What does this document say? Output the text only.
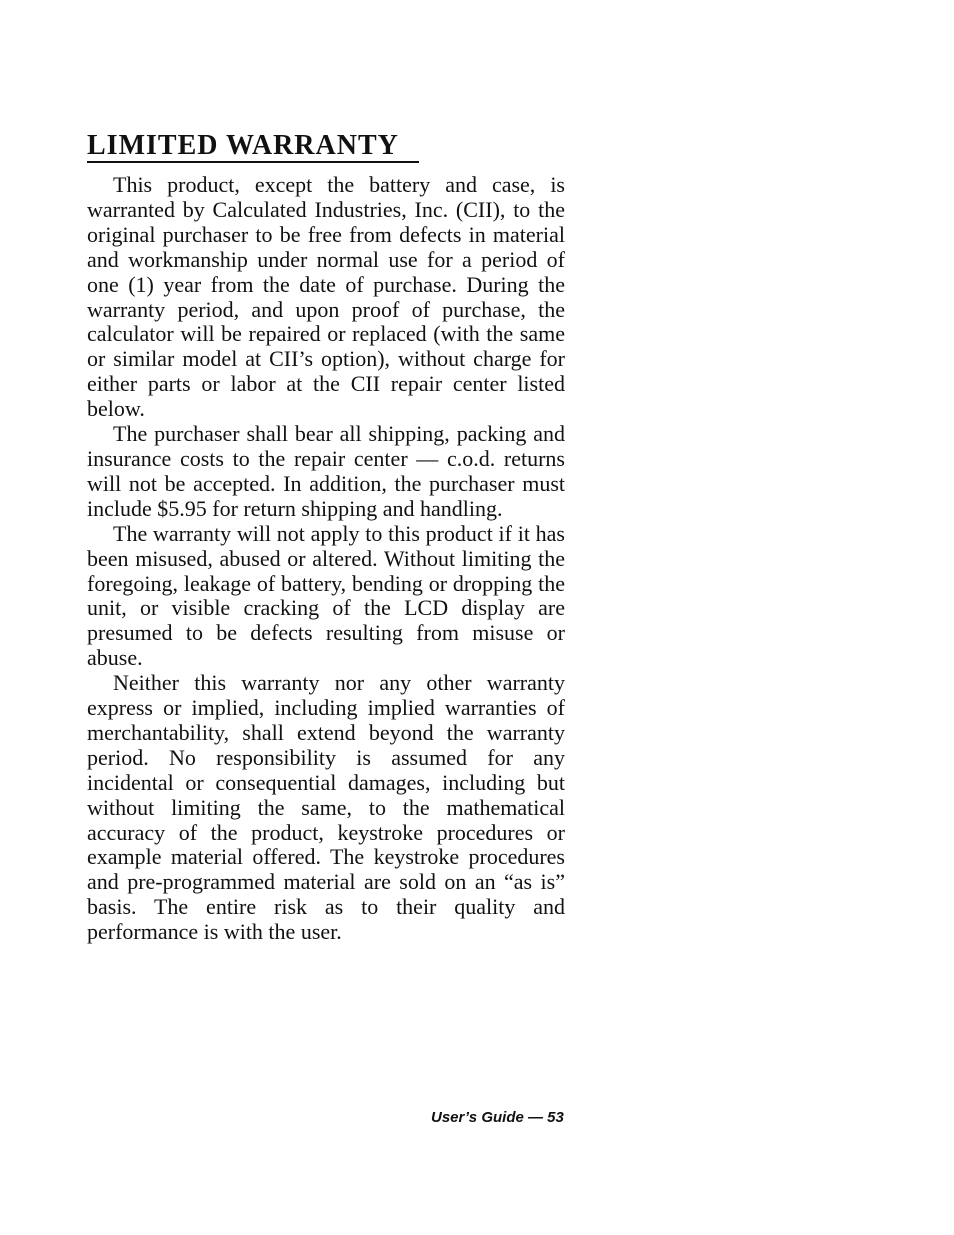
LIMITED WARRANTY

This product, except the battery and case, is warranted by Calculated Industries, Inc. (CII), to the original purchaser to be free from defects in material and workmanship under normal use for a period of one (1) year from the date of purchase. During the warranty period, and upon proof of purchase, the calculator will be repaired or replaced (with the same or similar model at CII’s option), without charge for either parts or labor at the CII repair center listed below.

The purchaser shall bear all shipping, packing and insurance costs to the repair center — c.o.d. returns will not be accepted. In addition, the purchaser must include $5.95 for return shipping and handling.

The warranty will not apply to this product if it has been misused, abused or altered. Without limiting the foregoing, leakage of battery, bending or dropping the unit, or visible cracking of the LCD display are presumed to be defects resulting from misuse or abuse.

Neither this warranty nor any other warranty express or implied, including implied warranties of merchantability, shall extend beyond the warranty period. No responsibility is assumed for any incidental or consequential damages, including but without limiting the same, to the mathematical accuracy of the product, keystroke procedures or example material offered. The keystroke procedures and pre-programmed material are sold on an “as is” basis. The entire risk as to their quality and performance is with the user.

User’s Guide — 53
